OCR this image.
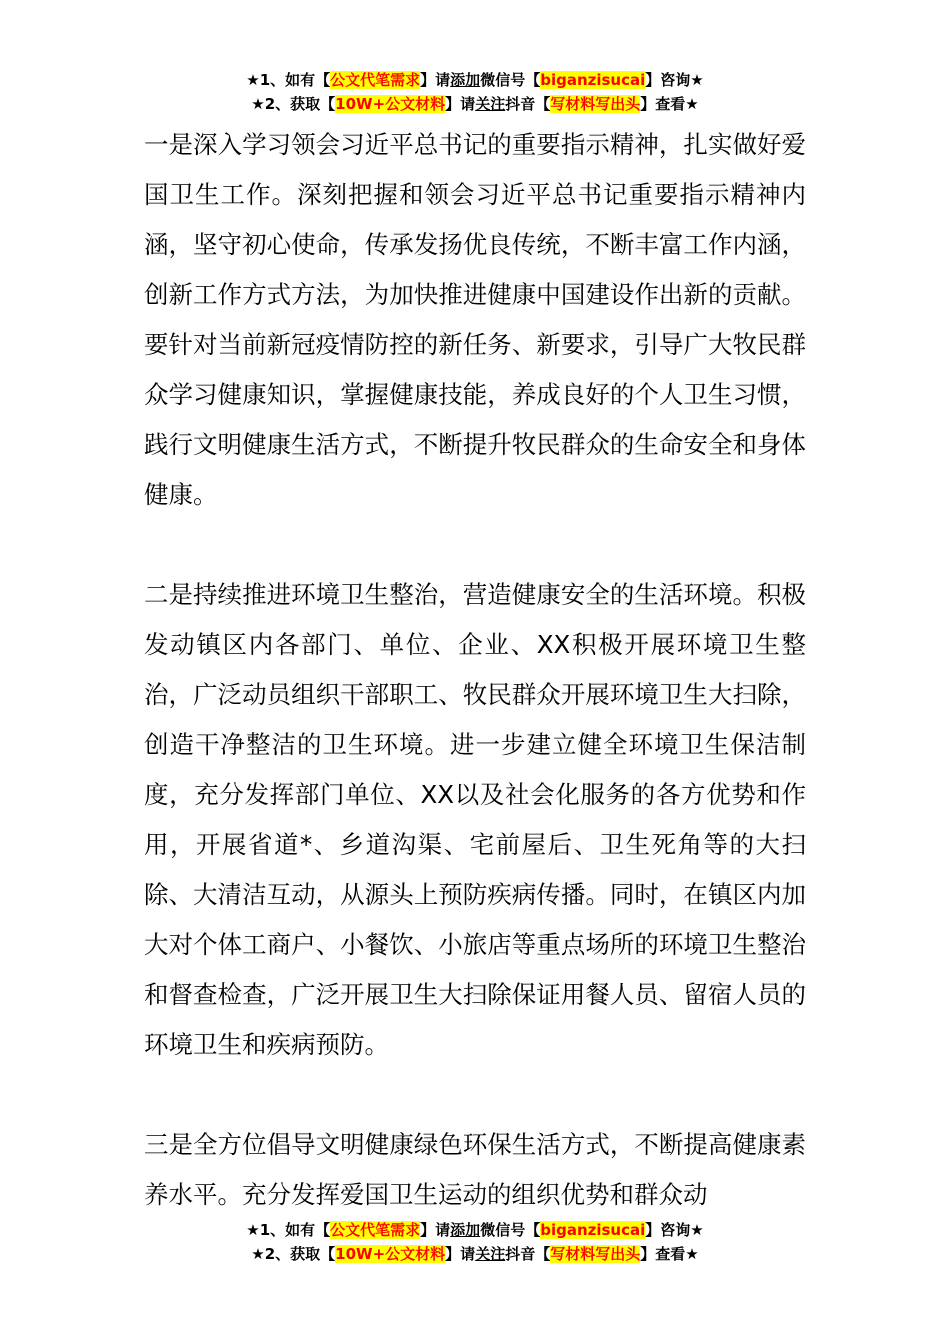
★1、如有【公文代笔需求】请添加微信号【biganzisucai】咨询★
★2、获取【10W+公文材料】请关注抖音【写材料写出头】查看★

一是深入学习领会习近平总书记的重要指示精神，扎实做好爱国卫生工作。深刻把握和领会习近平总书记重要指示精神内涵，坚守初心使命，传承发扬优良传统，不断丰富工作内涵，创新工作方式方法，为加快推进健康中国建设作出新的贡献。要针对当前新冠疫情防控的新任务、新要求，引导广大牧民群众学习健康知识，掌握健康技能，养成良好的个人卫生习惯，践行文明健康生活方式，不断提升牧民群众的生命安全和身体健康。

二是持续推进环境卫生整治，营造健康安全的生活环境。积极发动镇区内各部门、单位、企业、XX积极开展环境卫生整治，广泛动员组织干部职工、牧民群众开展环境卫生大扫除，创造干净整洁的卫生环境。进一步建立健全环境卫生保洁制度，充分发挥部门单位、XX以及社会化服务的各方优势和作用，开展省道*、乡道沟渠、宅前屋后、卫生死角等的大扫除、大清洁互动，从源头上预防疾病传播。同时，在镇区内加大对个体工商户、小餐饮、小旅店等重点场所的环境卫生整治和督查检查，广泛开展卫生大扫除保证用餐人员、留宿人员的环境卫生和疾病预防。

三是全方位倡导文明健康绿色环保生活方式，不断提高健康素养水平。充分发挥爱国卫生运动的组织优势和群众动

★1、如有【公文代笔需求】请添加微信号【biganzisucai】咨询★
★2、获取【10W+公文材料】请关注抖音【写材料写出头】查看★
